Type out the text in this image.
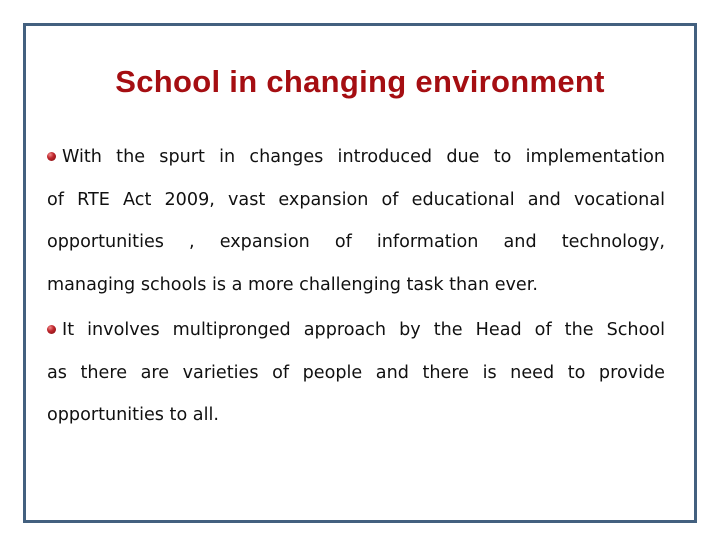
School in changing environment
With the spurt in changes introduced due to implementation
of RTE Act 2009, vast expansion of educational and vocational
opportunities , expansion of information and technology,
managing schools is a more challenging task than ever.
It involves multipronged approach by the Head of the School
as there are varieties of people and there is need to provide
opportunities to all.
